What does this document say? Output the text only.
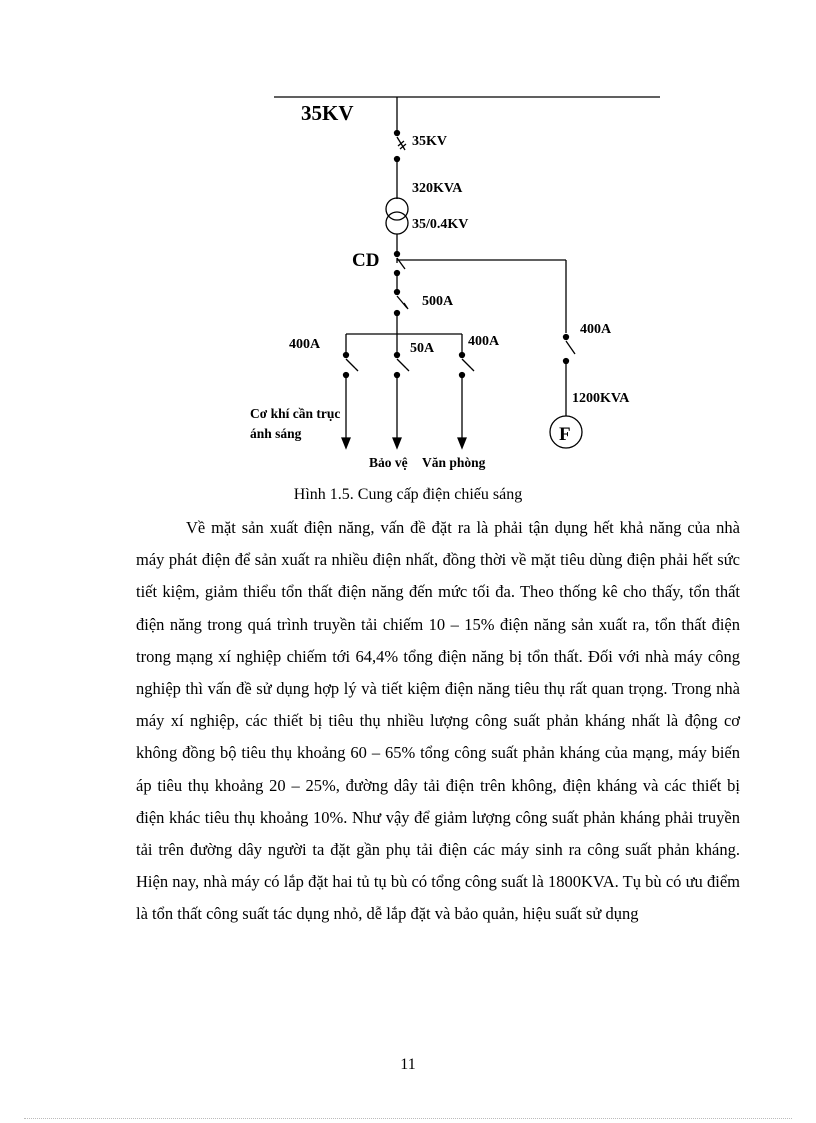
35KV
35KV
320KVA
35/0.4KV
CD
500A
400A	50A 400A
400A
1200KVA
F
Cơ khí cần trục
ánh sáng
Bảo vệ Văn phòng
Hình 1.5. Cung cấp điện chiếu sáng

Về mặt sản xuất điện năng, vấn đề đặt ra là phải tận dụng hết khả năng của nhà máy phát điện để sản xuất ra nhiều điện nhất, đồng thời về mặt tiêu dùng điện phải hết sức tiết kiệm, giảm thiểu tổn thất điện năng đến mức tối đa. Theo thống kê cho thấy, tổn thất điện năng trong quá trình truyền tải chiếm 10 – 15% điện năng sản xuất ra, tổn thất điện trong mạng xí nghiệp chiếm tới 64,4% tổng điện năng bị tổn thất. Đối với nhà máy công nghiệp thì vấn đề sử dụng hợp lý và tiết kiệm điện năng tiêu thụ rất quan trọng. Trong nhà máy xí nghiệp, các thiết bị tiêu thụ nhiều lượng công suất phản kháng nhất là động cơ không đồng bộ tiêu thụ khoảng 60 – 65% tổng công suất phản kháng của mạng, máy biến áp tiêu thụ khoảng 20 – 25%, đường dây tải điện trên không, điện kháng và các thiết bị điện khác tiêu thụ khoảng 10%. Như vậy để giảm lượng công suất phản kháng phải truyền tải trên đường dây người ta đặt gần phụ tải điện các máy sinh ra công suất phản kháng. Hiện nay, nhà máy có lắp đặt hai tủ tụ bù có tổng công suất là 1800KVA. Tụ bù có ưu điểm là tổn thất công suất tác dụng nhỏ, dễ lắp đặt và bảo quản, hiệu suất sử dụng

11
